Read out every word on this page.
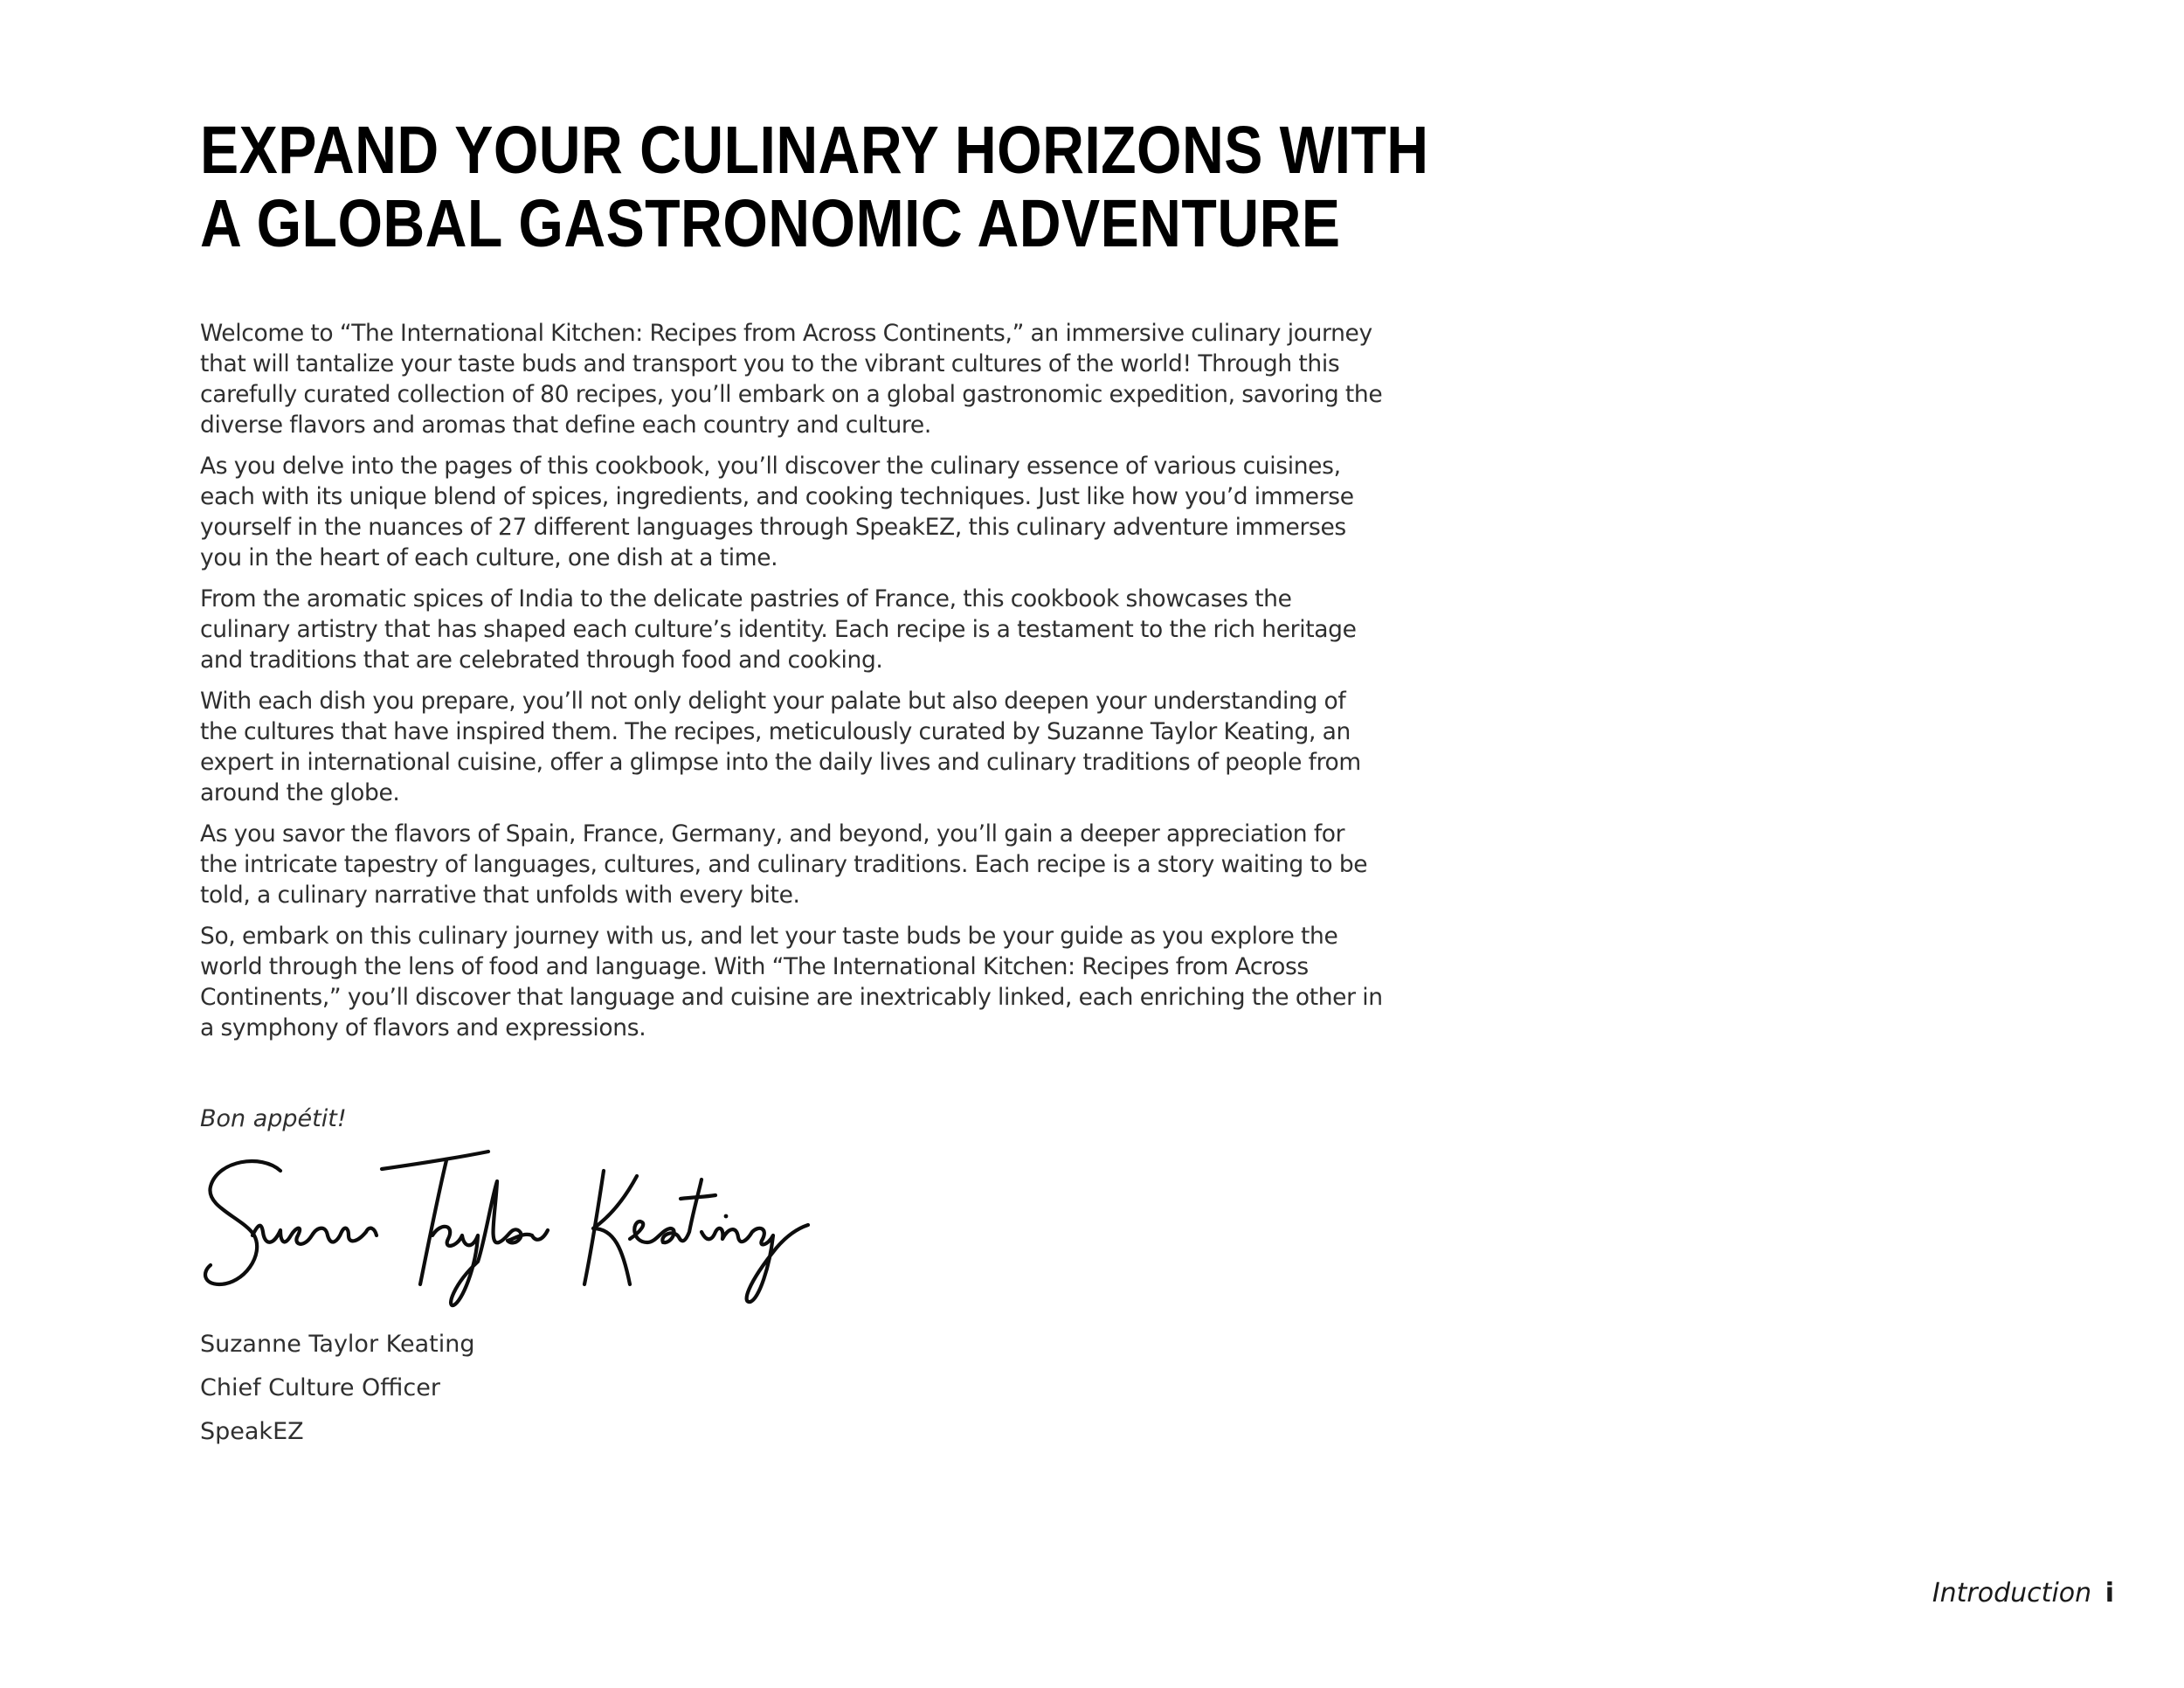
EXPAND YOUR CULINARY HORIZONS WITH
A GLOBAL GASTRONOMIC ADVENTURE

Welcome to “The International Kitchen: Recipes from Across Continents,” an immersive culinary journey that will tantalize your taste buds and transport you to the vibrant cultures of the world! Through this carefully curated collection of 80 recipes, you’ll embark on a global gastronomic expedition, savoring the diverse flavors and aromas that define each country and culture.

As you delve into the pages of this cookbook, you’ll discover the culinary essence of various cuisines, each with its unique blend of spices, ingredients, and cooking techniques. Just like how you’d immerse yourself in the nuances of 27 different languages through SpeakEZ, this culinary adventure immerses you in the heart of each culture, one dish at a time.

From the aromatic spices of India to the delicate pastries of France, this cookbook showcases the culinary artistry that has shaped each culture’s identity. Each recipe is a testament to the rich heritage and traditions that are celebrated through food and cooking.

With each dish you prepare, you’ll not only delight your palate but also deepen your understanding of the cultures that have inspired them. The recipes, meticulously curated by Suzanne Taylor Keating, an expert in international cuisine, offer a glimpse into the daily lives and culinary traditions of people from around the globe.

As you savor the flavors of Spain, France, Germany, and beyond, you’ll gain a deeper appreciation for the intricate tapestry of languages, cultures, and culinary traditions. Each recipe is a story waiting to be told, a culinary narrative that unfolds with every bite.

So, embark on this culinary journey with us, and let your taste buds be your guide as you explore the world through the lens of food and language. With “The International Kitchen: Recipes from Across Continents,” you’ll discover that language and cuisine are inextricably linked, each enriching the other in a symphony of flavors and expressions.

Bon appétit!
Suzanne Taylor Keating
Chief Culture Officer
SpeakEZ
Introduction i
